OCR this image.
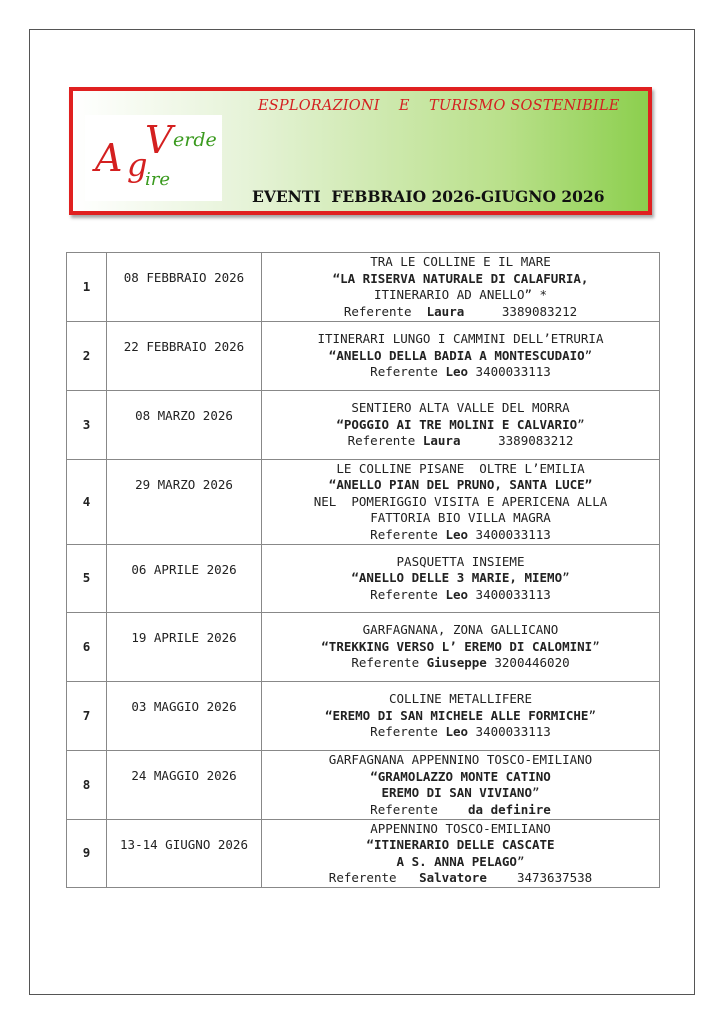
A g
V erde
ire
ESPLORAZIONI    E    TURISMO SOSTENIBILE
EVENTI  FEBBRAIO 2026-GIUGNO 2026
1	08 FEBBRAIO 2026	TRA LE COLLINE E IL MARE
“LA RISERVA NATURALE DI CALAFURIA,
ITINERARIO AD ANELLO” *
Referente  Laura     3389083212

2	22 FEBBRAIO 2026	ITINERARI LUNGO I CAMMINI DELL’ETRURIA
“ANELLO DELLA BADIA A MONTESCUDAIO”
Referente Leo 3400033113

3	08 MARZO 2026	SENTIERO ALTA VALLE DEL MORRA
“POGGIO AI TRE MOLINI E CALVARIO”
Referente Laura     3389083212

4	29 MARZO 2026	LE COLLINE PISANE  OLTRE L’EMILIA
“ANELLO PIAN DEL PRUNO, SANTA LUCE”
NEL  POMERIGGIO VISITA E APERICENA ALLA
FATTORIA BIO VILLA MAGRA
Referente Leo 3400033113

5	06 APRILE 2026	PASQUETTA INSIEME
“ANELLO DELLE 3 MARIE, MIEMO”
Referente Leo 3400033113

6	19 APRILE 2026	GARFAGNANA, ZONA GALLICANO
“TREKKING VERSO L’ EREMO DI CALOMINI”
Referente Giuseppe 3200446020

7	03 MAGGIO 2026	COLLINE METALLIFERE
“EREMO DI SAN MICHELE ALLE FORMICHE”
Referente Leo 3400033113

8	24 MAGGIO 2026	GARFAGNANA APPENNINO TOSCO-EMILIANO
“GRAMOLAZZO MONTE CATINO
EREMO DI SAN VIVIANO”
Referente    da definire

9	13-14 GIUGNO 2026	APPENNINO TOSCO-EMILIANO
“ITINERARIO DELLE CASCATE
A S. ANNA PELAGO”
Referente   Salvatore    3473637538
